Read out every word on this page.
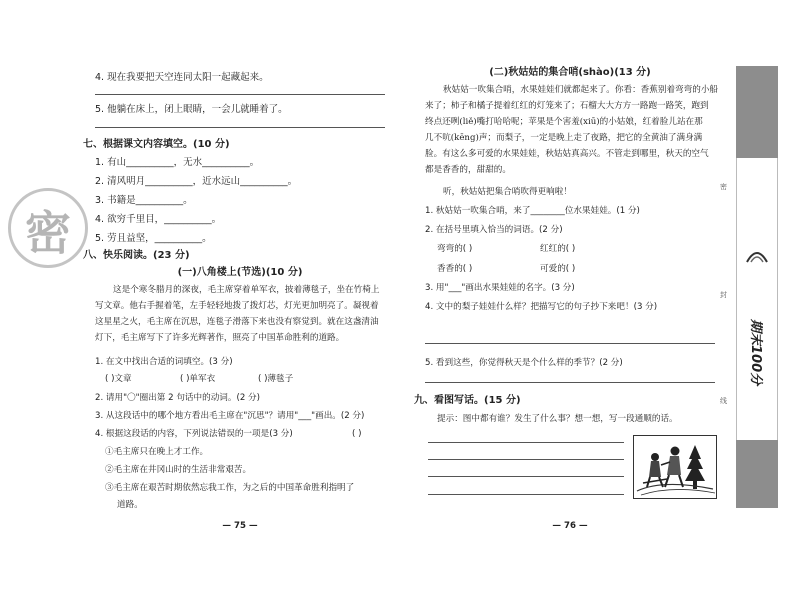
4. 现在我要把天空连同太阳一起藏起来。
5. 他躺在床上，闭上眼睛，一会儿就睡着了。
七、根据课文内容填空。(10 分)
1. 有山__________，无水__________。
2. 清风明月__________，近水远山__________。
3. 书籍是__________。
4. 欲穷千里目，__________。
5. 劳且益坚，__________。
八、快乐阅读。(23 分)
密
(一)八角楼上(节选)(10 分)
这是个寒冬腊月的深夜，毛主席穿着单军衣，披着薄毯子，坐在竹椅上
写文章。他右手握着笔，左手轻轻地拨了拨灯芯，灯光更加明亮了。凝视着
这星星之火，毛主席在沉思，连毯子滑落下来也没有察觉到。就在这盏清油
灯下，毛主席写下了许多光辉著作，照亮了中国革命胜利的道路。
1. 在文中找出合适的词填空。(3 分)
( )文章	( )单军衣	( )薄毯子
2. 请用"〇"圈出第 2 句话中的动词。(2 分)
3. 从这段话中的哪个地方看出毛主席在"沉思"？请用"___"画出。(2 分)
4. 根据这段话的内容，下列说法错误的一项是(3 分)	( )
①毛主席只在晚上才工作。
②毛主席在井冈山时的生活非常艰苦。
③毛主席在艰苦时期依然忘我工作，为之后的中国革命胜利指明了
道路。
— 75 —
(二)秋姑姑的集合哨(shào)(13 分)
秋姑姑一吹集合哨，水果娃娃们就都起来了。你看：香蕉别着弯弯的小船
来了；柿子和橘子提着红红的灯笼来了；石榴大大方方一路跑一路笑，跑到
终点还咧(liě)嘴打哈哈呢；苹果是个害羞(xiū)的小姑娘，红着脸儿站在那
几不吭(kēng)声；而梨子，一定是晚上走了夜路，把它的全黄油了满身满
脸。有这么多可爱的水果娃娃，秋姑姑真高兴。不管走到哪里，秋天的空气
都是香香的，甜甜的。
听，秋姑姑把集合哨吹得更响啦！
1. 秋姑姑一吹集合哨，来了________位水果娃娃。(1 分)
2. 在括号里填入恰当的词语。(2 分)
弯弯的( )	红红的( )
香香的( )	可爱的( )
3. 用"___"画出水果娃娃的名字。(3 分)
4. 文中的梨子娃娃什么样？把描写它的句子抄下来吧！(3 分)
5. 看到这些，你觉得秋天是个什么样的季节？(2 分)
九、看图写话。(15 分)
提示：图中都有谁？发生了什么事？想一想，写一段通顺的话。
— 76 —
期末100分
密
封
线
